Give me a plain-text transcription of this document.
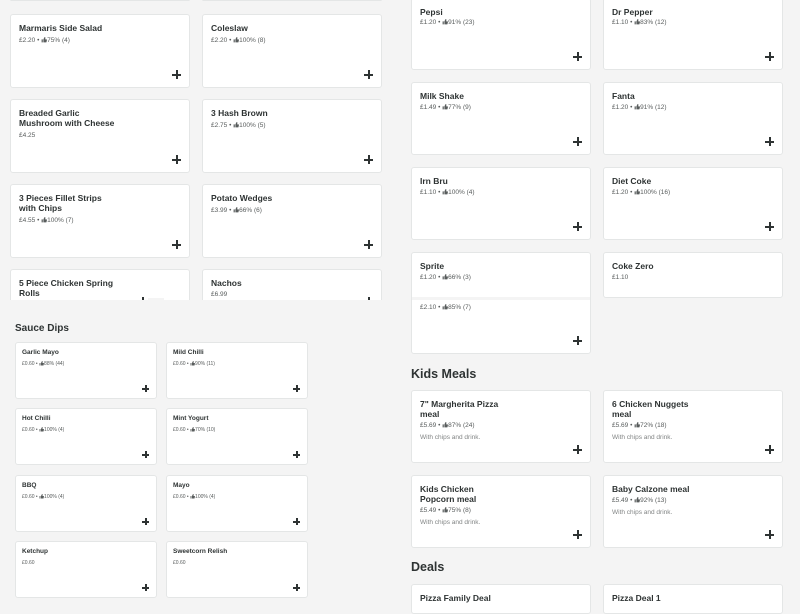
Marmaris Side Salad
£2.20 • 75% (4)
Coleslaw
£2.20 • 100% (8)
Breaded Garlic Mushroom with Cheese
£4.25
3 Hash Brown
£2.75 • 100% (5)
3 Pieces Fillet Strips with Chips
£4.55 • 100% (7)
Potato Wedges
£3.99 • 66% (6)
5 Piece Chicken Spring Rolls
Nachos
£6.99
Sauce Dips
Garlic Mayo
£0.60 • 88% (44)
Mild Chilli
£0.60 • 90% (11)
Hot Chilli
£0.60 • 100% (4)
Mint Yogurt
£0.60 • 70% (10)
BBQ
£0.60 • 100% (4)
Mayo
£0.60 • 100% (4)
Ketchup
£0.60
Sweetcorn Relish
£0.60
Pepsi
£1.20 • 91% (23)
Dr Pepper
£1.10 • 83% (12)
Milk Shake
£1.49 • 77% (9)
Fanta
£1.20 • 91% (12)
Irn Bru
£1.10 • 100% (4)
Diet Coke
£1.20 • 100% (16)
Sprite
£1.20 • 66% (3)
£2.10 • 85% (7)
Coke Zero
£1.10
Kids Meals
7" Margherita Pizza meal
£5.69 • 87% (24)
With chips and drink.
6 Chicken Nuggets meal
£5.69 • 72% (18)
With chips and drink.
Kids Chicken Popcorn meal
£5.49 • 75% (8)
With chips and drink.
Baby Calzone meal
£5.49 • 92% (13)
With chips and drink.
Deals
Pizza Family Deal	Pizza Deal 1
